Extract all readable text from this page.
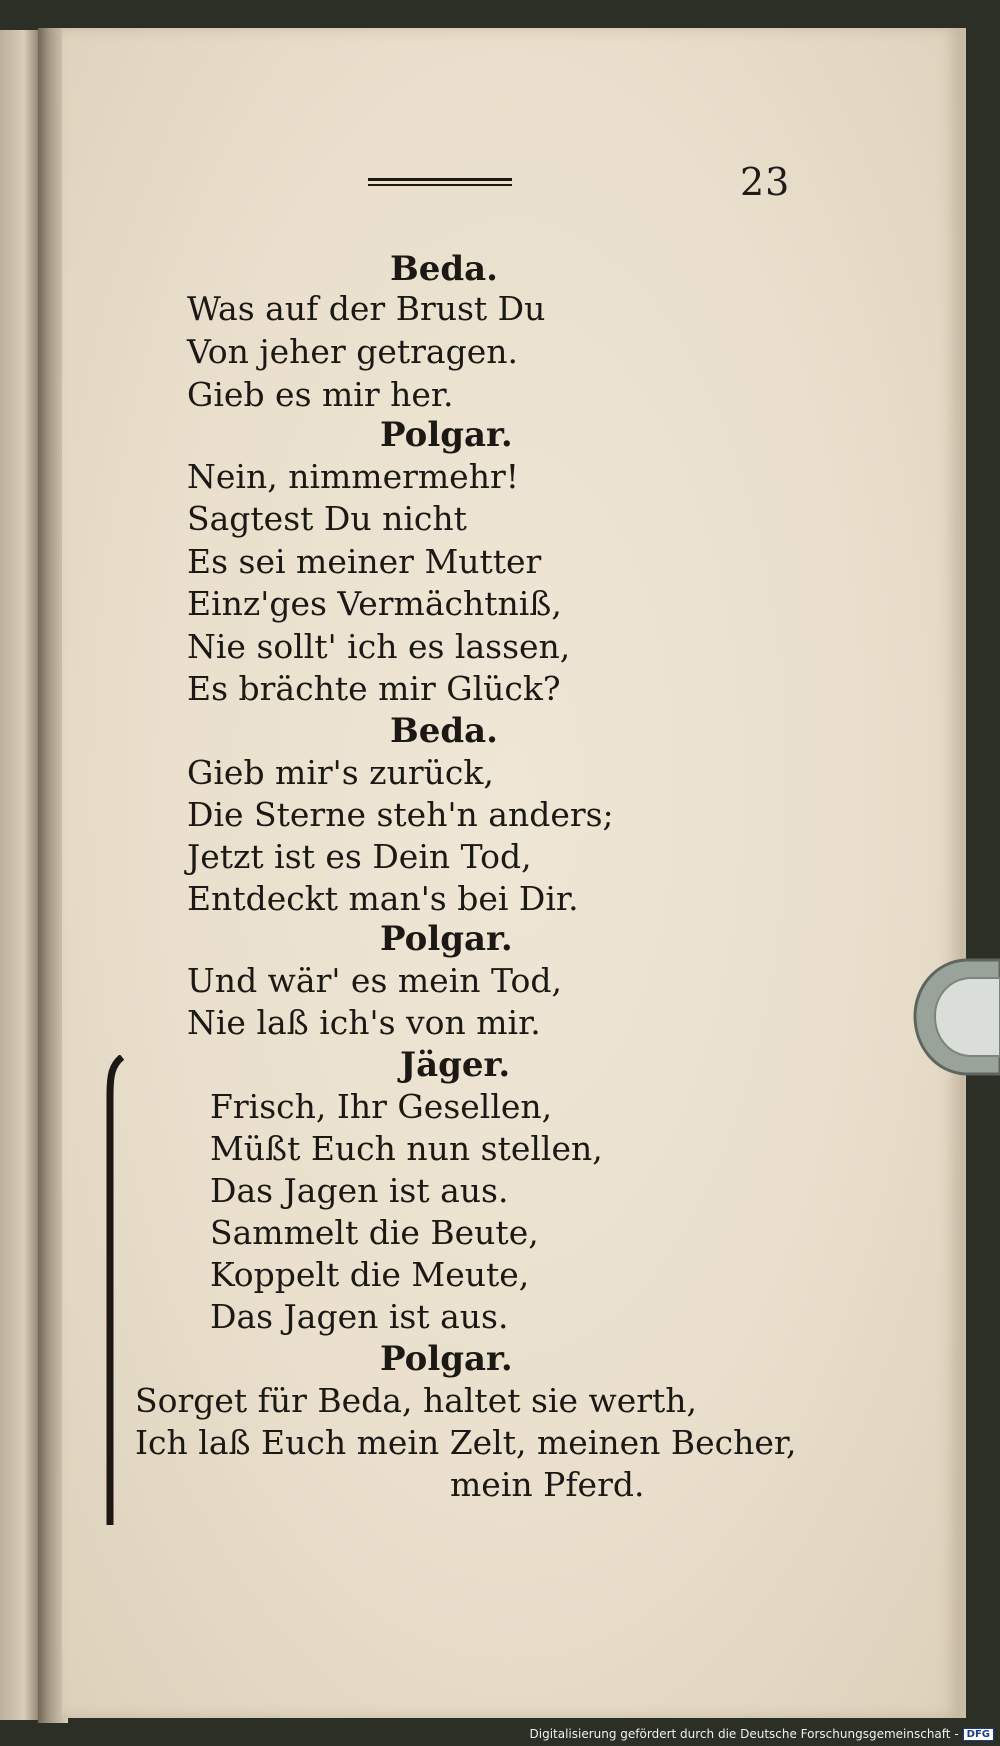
23
Beda.
Was auf der Brust Du
Von jeher getragen.
Gieb es mir her.
Polgar.
Nein, nimmermehr!
Sagtest Du nicht
Es sei meiner Mutter
Einz'ges Vermächtniß,
Nie sollt' ich es lassen,
Es brächte mir Glück?
Beda.
Gieb mir's zurück,
Die Sterne steh'n anders;
Jetzt ist es Dein Tod,
Entdeckt man's bei Dir.
Polgar.
Und wär' es mein Tod,
Nie laß ich's von mir.
Jäger.
Frisch, Ihr Gesellen,
Müßt Euch nun stellen,
Das Jagen ist aus.
Sammelt die Beute,
Koppelt die Meute,
Das Jagen ist aus.
Polgar.
Sorget für Beda, haltet sie werth,
Ich laß Euch mein Zelt, meinen Becher,
mein Pferd.
Digitalisierung gefördert durch die Deutsche Forschungsgemeinschaft - DFG
